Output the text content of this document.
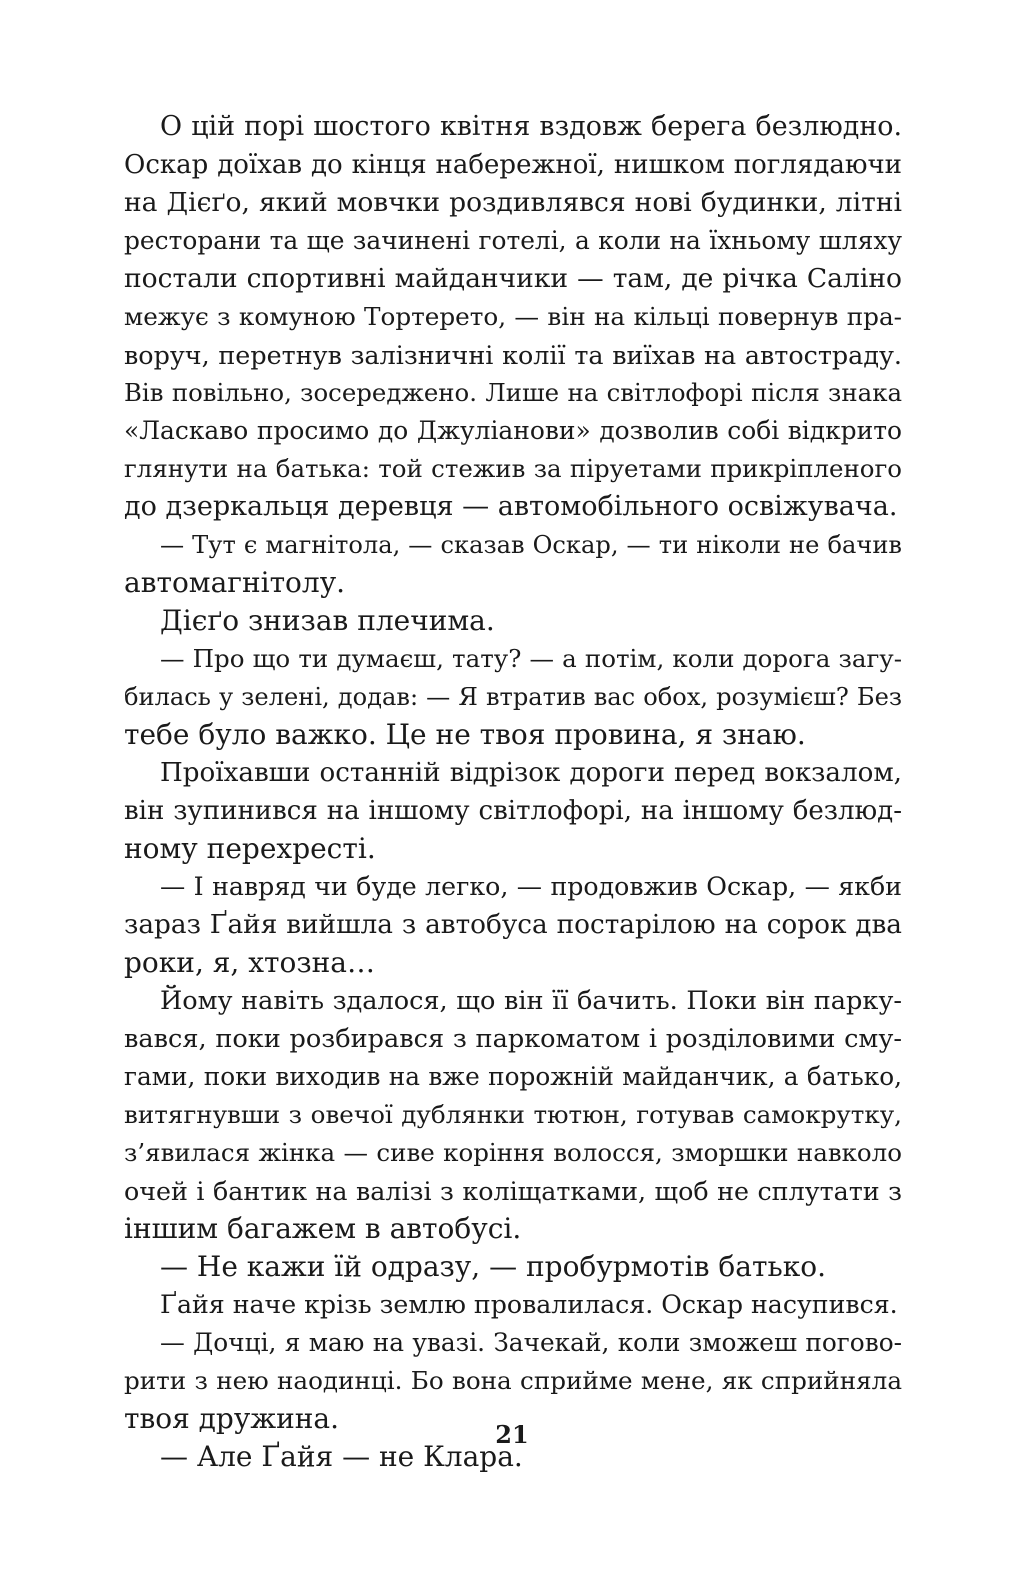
О цій порі шостого квітня вздовж берега безлюдно.
Оскар доїхав до кінця набережної, нишком поглядаючи
на Дієґо, який мовчки роздивлявся нові будинки, літні
ресторани та ще зачинені готелі, а коли на їхньому шляху
постали спортивні майданчики — там, де річка Саліно
межує з комуною Тортерето, — він на кільці повернув пра-
воруч, перетнув залізничні колії та виїхав на автостраду.
Вів повільно, зосереджено. Лише на світлофорі після знака
«Ласкаво просимо до Джуліанови» дозволив собі відкрито
глянути на батька: той стежив за піруетами прикріпленого
до дзеркальця деревця — автомобільного освіжувача.
— Тут є магнітола, — сказав Оскар, — ти ніколи не бачив
автомагнітолу.
Дієґо знизав плечима.
— Про що ти думаєш, тату? — а потім, коли дорога загу-
билась у зелені, додав: — Я втратив вас обох, розумієш? Без
тебе було важко. Це не твоя провина, я знаю.
Проїхавши останній відрізок дороги перед вокзалом,
він зупинився на іншому світлофорі, на іншому безлюд-
ному перехресті.
— І навряд чи буде легко, — продовжив Оскар, — якби
зараз Ґайя вийшла з автобуса постарілою на сорок два
роки, я, хтозна…
Йому навіть здалося, що він її бачить. Поки він парку-
вався, поки розбирався з паркоматом і розділовими сму-
гами, поки виходив на вже порожній майданчик, а батько,
витягнувши з овечої дублянки тютюн, готував самокрутку,
з’явилася жінка — сиве коріння волосся, зморшки навколо
очей і бантик на валізі з коліщатками, щоб не сплутати з
іншим багажем в автобусі.
— Не кажи їй одразу, — пробурмотів батько.
Ґайя наче крізь землю провалилася. Оскар насупився.
— Дочці, я маю на увазі. Зачекай, коли зможеш погово-
рити з нею наодинці. Бо вона сприйме мене, як сприйняла
твоя дружина.
— Але Ґайя — не Клара.
21
